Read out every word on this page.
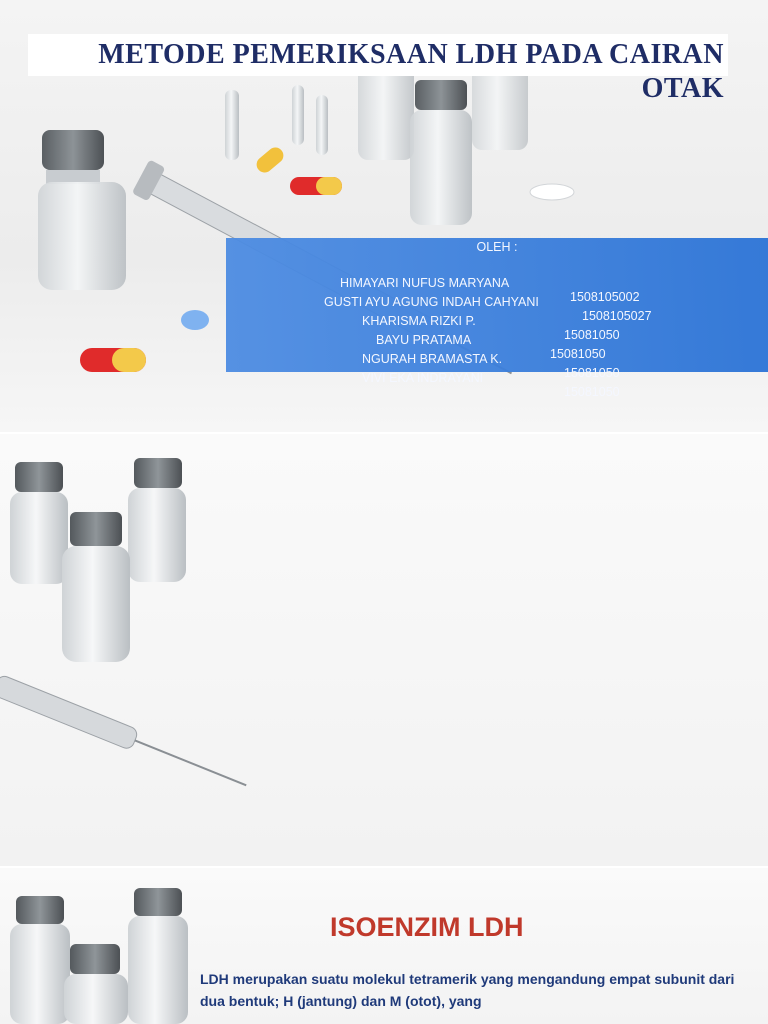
METODE PEMERIKSAAN LDH PADA CAIRAN OTAK
OLEH :

HIMAYARI NUFUS MARYANA

1508105002

GUSTI AYU AGUNG INDAH CAHYANI

1508105027

KHARISMA RIZKI P.

15081050

BAYU PRATAMA

15081050

NGURAH BRAMASTA K.

15081050

VIVI EKA INDRAYANI

15081050

ISOENZIM LDH
LDH merupakan suatu molekul tetramerik yang mengandung empat subunit dari dua bentuk; H (jantung) dan M (otot), yang
